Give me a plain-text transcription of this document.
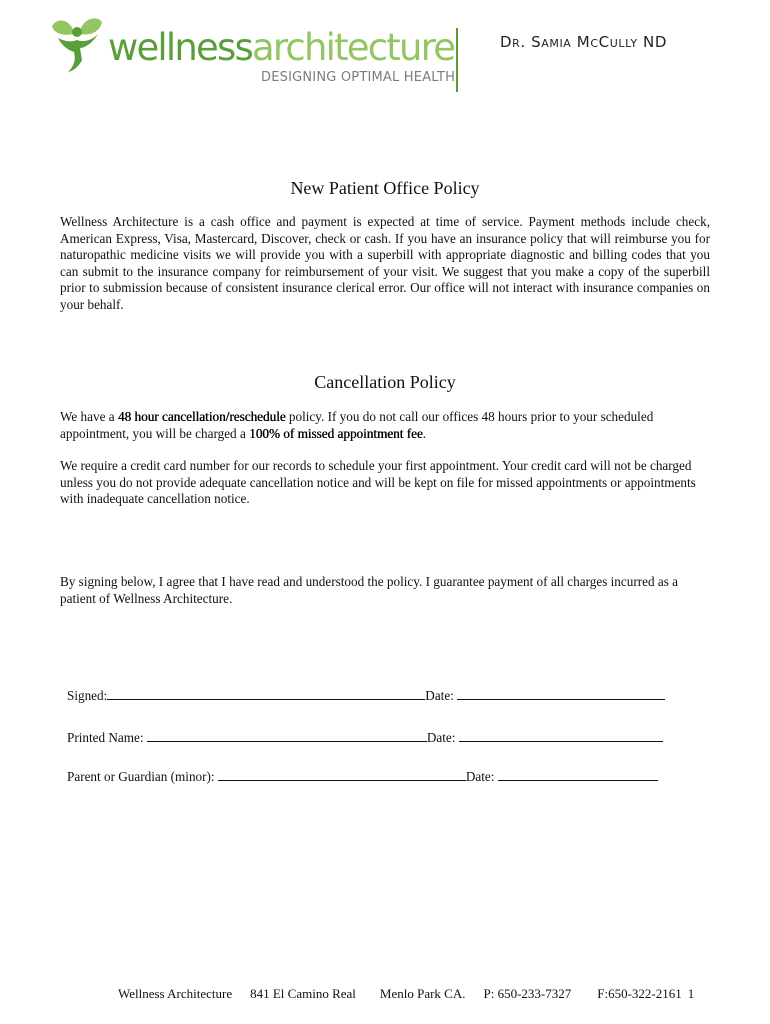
wellnessarchitecture
DESIGNING OPTIMAL HEALTH
Dr. Samia McCully ND
New Patient Office Policy

Wellness Architecture is a cash office and payment is expected at time of service. Payment methods include check, American Express, Visa, Mastercard, Discover, check or cash. If you have an insurance policy that will reimburse you for naturopathic medicine visits we will provide you with a superbill with appropriate diagnostic and billing codes that you can submit to the insurance company for reimbursement of your visit. We suggest that you make a copy of the superbill prior to submission because of consistent insurance clerical error. Our office will not interact with insurance companies on your behalf.

Cancellation Policy

We have a 48 hour cancellation/reschedule policy. If you do not call our offices 48 hours prior to your scheduled appointment, you will be charged a 100% of missed appointment fee.

We require a credit card number for our records to schedule your first appointment. Your credit card will not be charged unless you do not provide adequate cancellation notice and will be kept on file for missed appointments or appointments with inadequate cancellation notice.

By signing below, I agree that I have read and understood the policy. I guarantee payment of all charges incurred as a patient of Wellness Architecture.

Signed:	Date:
Printed Name:	Date:
Parent or Guardian (minor):	Date:
Wellness Architecture 841 El Camino Real Menlo Park CA. P: 650-233-7327 F:650-322-2161 1
